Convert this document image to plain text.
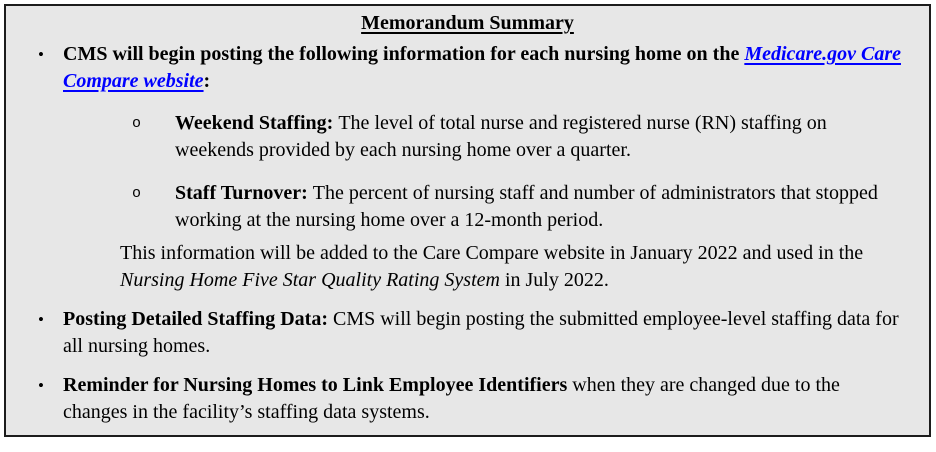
Memorandum Summary
• CMS will begin posting the following information for each nursing home on the Medicare.gov Care Compare website:
o	Weekend Staffing: The level of total nurse and registered nurse (RN) staffing on weekends provided by each nursing home over a quarter.
o	Staff Turnover: The percent of nursing staff and number of administrators that stopped working at the nursing home over a 12-month period.
This information will be added to the Care Compare website in January 2022 and used in the Nursing Home Five Star Quality Rating System in July 2022.
• Posting Detailed Staffing Data: CMS will begin posting the submitted employee-level staffing data for all nursing homes.
• Reminder for Nursing Homes to Link Employee Identifiers when they are changed due to the changes in the facility’s staffing data systems.
